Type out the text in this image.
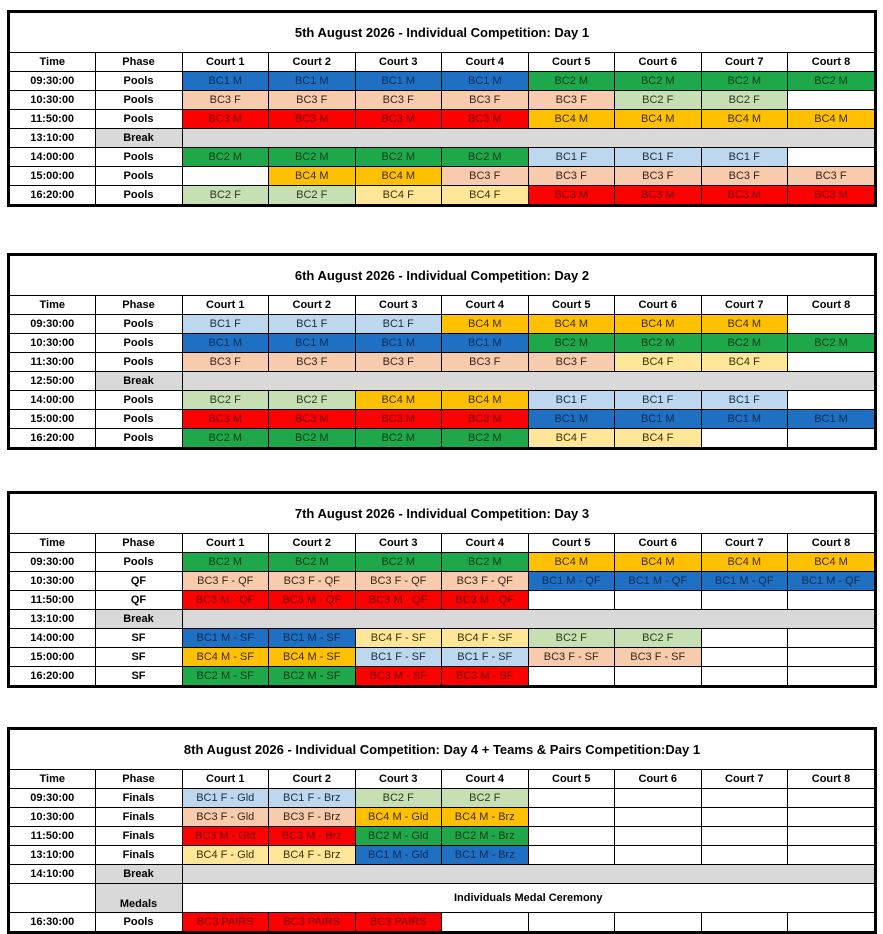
5th August 2026 - Individual Competition: Day 1
Time	Phase	Court 1	Court 2	Court 3	Court 4	Court 5	Court 6	Court 7	Court 8
09:30:00	Pools	BC1 M	BC1 M	BC1 M	BC1 M	BC2 M	BC2 M	BC2 M	BC2 M
10:30:00	Pools	BC3 F	BC3 F	BC3 F	BC3 F	BC3 F	BC2 F	BC2 F	
11:50:00	Pools	BC3 M	BC3 M	BC3 M	BC3 M	BC4 M	BC4 M	BC4 M	BC4 M
13:10:00	Break								
14:00:00	Pools	BC2 M	BC2 M	BC2 M	BC2 M	BC1 F	BC1 F	BC1 F	
15:00:00	Pools		BC4 M	BC4 M	BC3 F	BC3 F	BC3 F	BC3 F	BC3 F
16:20:00	Pools	BC2 F	BC2 F	BC4 F	BC4 F	BC3 M	BC3 M	BC3 M	BC3 M
6th August 2026 - Individual Competition: Day 2
Time	Phase	Court 1	Court 2	Court 3	Court 4	Court 5	Court 6	Court 7	Court 8
09:30:00	Pools	BC1 F	BC1 F	BC1 F	BC4 M	BC4 M	BC4 M	BC4 M	
10:30:00	Pools	BC1 M	BC1 M	BC1 M	BC1 M	BC2 M	BC2 M	BC2 M	BC2 M
11:30:00	Pools	BC3 F	BC3 F	BC3 F	BC3 F	BC3 F	BC4 F	BC4 F	
12:50:00	Break								
14:00:00	Pools	BC2 F	BC2 F	BC4 M	BC4 M	BC1 F	BC1 F	BC1 F	
15:00:00	Pools	BC3 M	BC3 M	BC3 M	BC3 M	BC1 M	BC1 M	BC1 M	BC1 M
16:20:00	Pools	BC2 M	BC2 M	BC2 M	BC2 M	BC4 F	BC4 F		
7th August 2026 - Individual Competition: Day 3
Time	Phase	Court 1	Court 2	Court 3	Court 4	Court 5	Court 6	Court 7	Court 8
09:30:00	Pools	BC2 M	BC2 M	BC2 M	BC2 M	BC4 M	BC4 M	BC4 M	BC4 M
10:30:00	QF	BC3 F - QF	BC3 F - QF	BC3 F - QF	BC3 F - QF	BC1 M - QF	BC1 M - QF	BC1 M - QF	BC1 M - QF
11:50:00	QF	BC3 M - QF	BC3 M - QF	BC3 M - QF	BC3 M - QF				
13:10:00	Break								
14:00:00	SF	BC1 M - SF	BC1 M - SF	BC4 F - SF	BC4 F - SF	BC2 F	BC2 F		
15:00:00	SF	BC4 M - SF	BC4 M - SF	BC1 F - SF	BC1 F - SF	BC3 F - SF	BC3 F - SF		
16:20:00	SF	BC2 M - SF	BC2 M - SF	BC3 M - SF	BC3 M - SF				
8th August 2026 - Individual Competition: Day 4 + Teams & Pairs Competition:Day 1
Time	Phase	Court 1	Court 2	Court 3	Court 4	Court 5	Court 6	Court 7	Court 8
09:30:00	Finals	BC1 F - Gld	BC1 F - Brz	BC2 F	BC2 F				
10:30:00	Finals	BC3 F - Gld	BC3 F - Brz	BC4 M - Gld	BC4 M - Brz				
11:50:00	Finals	BC3 M - Gld	BC3 M - Brz	BC2 M - Gld	BC2 M - Brz				
13:10:00	Finals	BC4 F - Gld	BC4 F - Brz	BC1 M - Gld	BC1 M - Brz				
14:10:00	Break								
	Medals	Individuals Medal Ceremony							
16:30:00	Pools	BC3 PAIRS	BC3 PAIRS	BC3 PAIRS					
